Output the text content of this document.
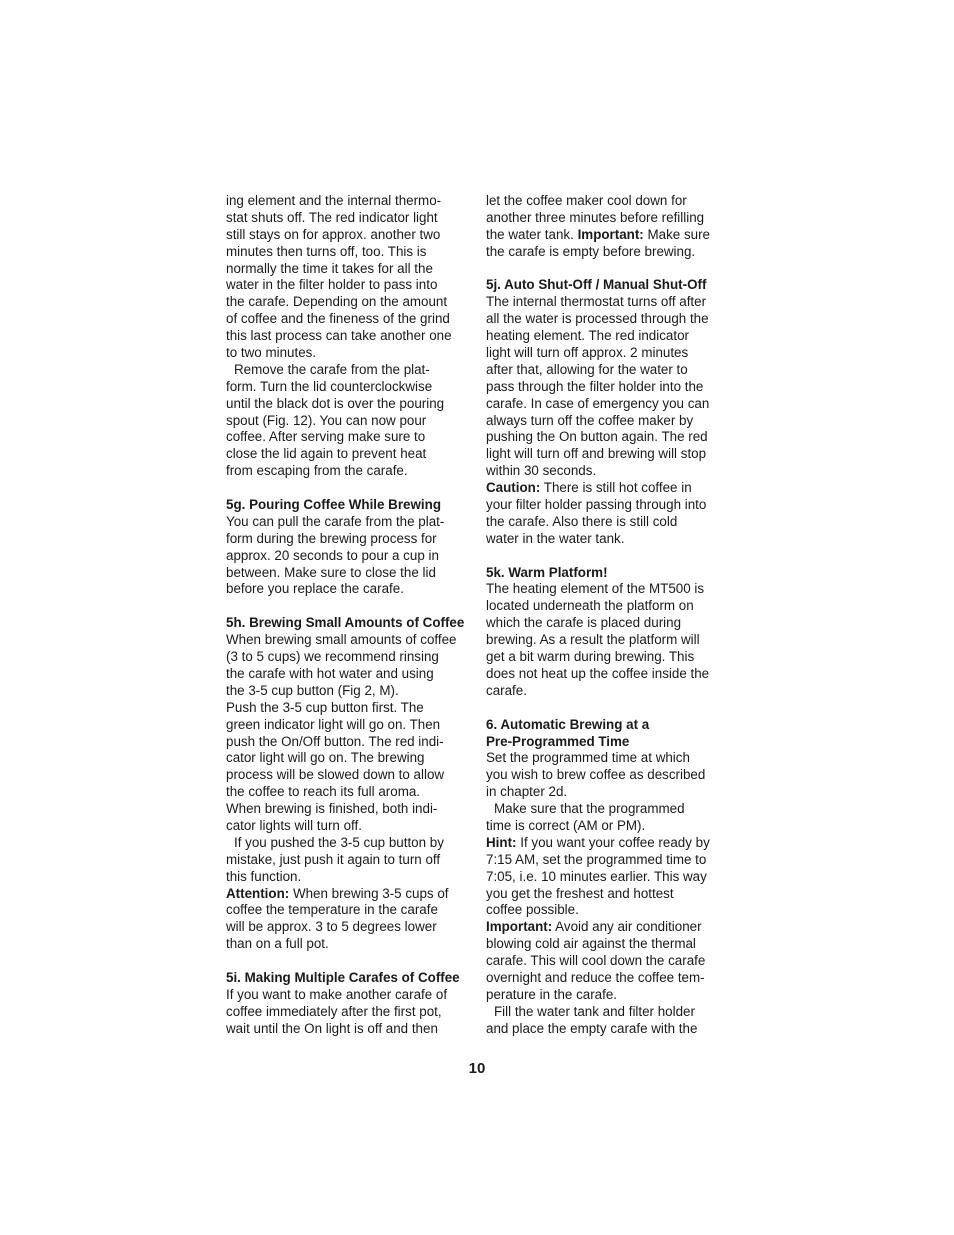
ing element and the internal thermo-
stat shuts off. The red indicator light
still stays on for approx. another two
minutes then turns off, too. This is
normally the time it takes for all the
water in the filter holder to pass into
the carafe. Depending on the amount
of coffee and the fineness of the grind
this last process can take another one
to two minutes.
Remove the carafe from the plat-
form. Turn the lid counterclockwise
until the black dot is over the pouring
spout (Fig. 12). You can now pour
coffee. After serving make sure to
close the lid again to prevent heat
from escaping from the carafe.
5g. Pouring Coffee While Brewing
You can pull the carafe from the plat-
form during the brewing process for
approx. 20 seconds to pour a cup in
between. Make sure to close the lid
before you replace the carafe.
5h. Brewing Small Amounts of Coffee
When brewing small amounts of coffee
(3 to 5 cups) we recommend rinsing
the carafe with hot water and using
the 3-5 cup button (Fig 2, M).
Push the 3-5 cup button first. The
green indicator light will go on. Then
push the On/Off button. The red indi-
cator light will go on. The brewing
process will be slowed down to allow
the coffee to reach its full aroma.
When brewing is finished, both indi-
cator lights will turn off.
If you pushed the 3-5 cup button by
mistake, just push it again to turn off
this function.
Attention: When brewing 3-5 cups of
coffee the temperature in the carafe
will be approx. 3 to 5 degrees lower
than on a full pot.
5i. Making Multiple Carafes of Coffee
If you want to make another carafe of
coffee immediately after the first pot,
wait until the On light is off and then
let the coffee maker cool down for
another three minutes before refilling
the water tank. Important: Make sure
the carafe is empty before brewing.
5j. Auto Shut-Off / Manual Shut-Off
The internal thermostat turns off after
all the water is processed through the
heating element. The red indicator
light will turn off approx. 2 minutes
after that, allowing for the water to
pass through the filter holder into the
carafe. In case of emergency you can
always turn off the coffee maker by
pushing the On button again. The red
light will turn off and brewing will stop
within 30 seconds.
Caution: There is still hot coffee in
your filter holder passing through into
the carafe. Also there is still cold
water in the water tank.
5k. Warm Platform!
The heating element of the MT500 is
located underneath the platform on
which the carafe is placed during
brewing. As a result the platform will
get a bit warm during brewing. This
does not heat up the coffee inside the
carafe.
6. Automatic Brewing at a
Pre-Programmed Time
Set the programmed time at which
you wish to brew coffee as described
in chapter 2d.
Make sure that the programmed
time is correct (AM or PM).
Hint: If you want your coffee ready by
7:15 AM, set the programmed time to
7:05, i.e. 10 minutes earlier. This way
you get the freshest and hottest
coffee possible.
Important: Avoid any air conditioner
blowing cold air against the thermal
carafe. This will cool down the carafe
overnight and reduce the coffee tem-
perature in the carafe.
Fill the water tank and filter holder
and place the empty carafe with the
10
